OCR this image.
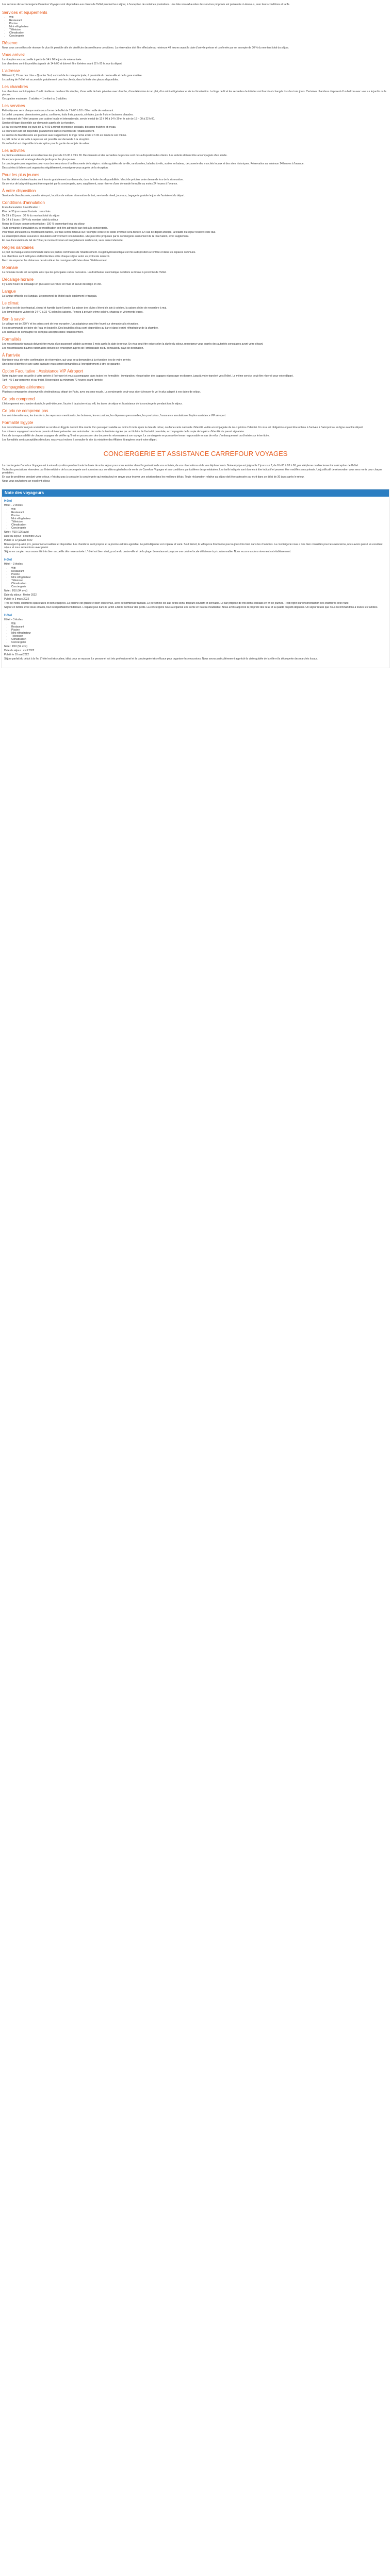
Les services de la conciergerie Carrefour Voyages sont disponibles aux clients de l'hôtel pendant leur séjour, à l'exception de certaines prestations. Une liste non exhaustive des services proposés est présentée ci-dessous, avec leurs conditions et tarifs.

Services et équipements
• Wifi
• Restaurant
• Piscine
• Mini réfrigérateur
• Télévision
• Climatisation
• Conciergerie
Réserve

Nous vous conseillons de réserver le plus tôt possible afin de bénéficier des meilleures conditions. La réservation doit être effectuée au minimum 48 heures avant la date d'arrivée prévue et confirmée par un acompte de 30 % du montant total du séjour.

Vous arrivez

La réception vous accueille à partir de 14 h 00 le jour de votre arrivée.

Les chambres sont disponibles à partir de 14 h 00 et doivent être libérées avant 12 h 00 le jour du départ.

L'adresse

Bâtiment 2, 15 rue des Lilas – Quartier Sud, au bord de la route principale, à proximité du centre-ville et de la gare routière.

Le parking de l'hôtel est accessible gratuitement pour les clients, dans la limite des places disponibles.

Les chambres

Les chambres sont équipées d'un lit double ou de deux lits simples, d'une salle de bain privative avec douche, d'une télévision écran plat, d'un mini réfrigérateur et de la climatisation. Le linge de lit et les serviettes de toilette sont fournis et changés tous les trois jours. Certaines chambres disposent d'un balcon avec vue sur le jardin ou la piscine.

Occupation maximale : 2 adultes + 1 enfant ou 3 adultes.

Les services

Petit-déjeuner servi chaque matin sous forme de buffet de 7 h 00 à 10 h 00 en salle de restaurant.

Le buffet comprend viennoiseries, pains, confitures, fruits frais, yaourts, céréales, jus de fruits et boissons chaudes.

Le restaurant de l'hôtel propose une cuisine locale et internationale, servie le midi de 12 h 00 à 14 h 30 et le soir de 19 h 00 à 22 h 00.

Service d'étage disponible sur demande auprès de la réception.

Le bar est ouvert tous les jours de 17 h 00 à minuit et propose cocktails, boissons fraîches et encas.

La connexion wifi est disponible gratuitement dans l'ensemble de l'établissement.

Le service de blanchisserie est proposé avec supplément, le linge remis avant 9 h 00 est rendu le soir même.

Le prêt de fer et de table à repasser est possible sur demande à la réception.

Un coffre-fort est disponible à la réception pour la garde des objets de valeur.

Les activités

La piscine extérieure est accessible tous les jours de 9 h 00 à 19 h 00. Des transats et des serviettes de piscine sont mis à disposition des clients. Les enfants doivent être accompagnés d'un adulte.

Un espace jeux est aménagé dans le jardin pour les plus jeunes.

La conciergerie peut organiser pour vous des excursions à la découverte de la région : visites guidées de la ville, randonnées, balades à vélo, sorties en bateau, découverte des marchés locaux et des sites historiques. Réservation au minimum 24 heures à l'avance.

Des soirées à thème sont organisées régulièrement, renseignez-vous auprès de la réception.

Pour les plus jeunes

Les lits bébé et chaises hautes sont fournis gratuitement sur demande, dans la limite des disponibilités. Merci de préciser votre demande lors de la réservation.

Un service de baby-sitting peut être organisé par la conciergerie, avec supplément, sous réserve d'une demande formulée au moins 24 heures à l'avance.

À votre disposition

Service de blanchisserie, navette aéroport, location de voiture, réservation de taxi, service de réveil, journaux, bagagerie gratuite le jour de l'arrivée et du départ.

Conditions d'annulation

Frais d'annulation / modification :

Plus de 30 jours avant l'arrivée : sans frais

De 29 à 15 jours : 30 % du montant total du séjour

De 14 à 8 jours : 50 % du montant total du séjour

Moins de 8 jours ou non-présentation : 100 % du montant total du séjour

Toute demande d'annulation ou de modification doit être adressée par écrit à la conciergerie.

Pour toute annulation ou modification tardive, les frais seront retenus sur l'acompte versé et le solde éventuel sera facturé. En cas de départ anticipé, la totalité du séjour réservé reste due.

La souscription d'une assurance annulation est vivement recommandée. Elle peut être proposée par la conciergerie au moment de la réservation, avec supplément.

En cas d'annulation du fait de l'hôtel, le montant versé est intégralement remboursé, sans autre indemnité.

Règles sanitaires

Le port du masque est recommandé dans les parties communes de l'établissement. Du gel hydroalcoolique est mis à disposition à l'entrée et dans les espaces communs.

Les chambres sont nettoyées et désinfectées entre chaque séjour selon un protocole renforcé.

Merci de respecter les distances de sécurité et les consignes affichées dans l'établissement.

Monnaie

La monnaie locale est acceptée ainsi que les principales cartes bancaires. Un distributeur automatique de billets se trouve à proximité de l'hôtel.

Décalage horaire

Il y a une heure de décalage en plus avec la France en hiver et aucun décalage en été.

Langue

La langue officielle est l'anglais. Le personnel de l'hôtel parle également le français.

Le climat

Le climat est de type tropical, chaud et humide toute l'année. La saison des pluies s'étend de juin à octobre, la saison sèche de novembre à mai.

Les températures varient de 24 °C à 32 °C selon les saisons. Pensez à prévoir crème solaire, chapeau et vêtements légers.

Bon à savoir

Le voltage est de 220 V et les prises sont de type européen. Un adaptateur peut être fourni sur demande à la réception.

Il est recommandé de boire de l'eau en bouteille. Des bouteilles d'eau sont disponibles au bar et dans le mini réfrigérateur de la chambre.

Les animaux de compagnie ne sont pas acceptés dans l'établissement.

Formalités

Les ressortissants français doivent être munis d'un passeport valable au moins 6 mois après la date de retour. Un visa peut être exigé selon la durée du séjour, renseignez-vous auprès des autorités consulaires avant votre départ.

Les ressortissants d'autres nationalités doivent se renseigner auprès de l'ambassade ou du consulat du pays de destination.

À l'arrivée

Munissez-vous de votre confirmation de réservation, qui vous sera demandée à la réception lors de votre arrivée.

Une pièce d'identité et une carte bancaire vous seront demandées à l'enregistrement à titre de garantie.

Option Facultative : Assistance VIP Aéroport

Notre équipe vous accueille à votre arrivée à l'aéroport et vous accompagne dans toutes les formalités : immigration, récupération des bagages et passage en douane, jusqu'à votre transfert vers l'hôtel. Le même service peut être réservé pour votre départ.

Tarif : 45 € par personne et par trajet. Réservation au minimum 72 heures avant l'arrivée.

Compagnies aériennes

Plusieurs compagnies desservent la destination au départ de Paris, avec ou sans escale. La conciergerie peut vous aider à trouver le vol le plus adapté à vos dates de séjour.

Ce prix comprend

L'hébergement en chambre double, le petit-déjeuner, l'accès à la piscine et au wifi, les taxes de séjour et l'assistance de la conciergerie pendant tout le séjour.

Ce prix ne comprend pas

Les vols internationaux, les transferts, les repas non mentionnés, les boissons, les excursions, les dépenses personnelles, les pourboires, l'assurance annulation et l'option assistance VIP aéroport.

Formalité Egypte

Les ressortissants français souhaitant se rendre en Égypte doivent être munis d'un passeport valable au moins 6 mois après la date de retour, ou d'une carte nationale d'identité valide accompagnée de deux photos d'identité. Un visa est obligatoire et peut être obtenu à l'arrivée à l'aéroport ou en ligne avant le départ.

Les mineurs voyageant sans leurs parents doivent présenter une autorisation de sortie du territoire signée par un titulaire de l'autorité parentale, accompagnée de la copie de la pièce d'identité du parent signataire.

Il est de la responsabilité de chaque voyageur de vérifier qu'il est en possession des documents nécessaires à son voyage. La conciergerie ne pourra être tenue responsable en cas de refus d'embarquement ou d'entrée sur le territoire.

Les formalités sont susceptibles d'évoluer, nous vous invitons à consulter le site du ministère des Affaires étrangères avant votre départ.

CONCIERGERIE ET ASSISTANCE CARREFOUR VOYAGES

La conciergerie Carrefour Voyages est à votre disposition pendant toute la durée de votre séjour pour vous assister dans l'organisation de vos activités, de vos réservations et de vos déplacements. Notre équipe est joignable 7 jours sur 7, de 8 h 00 à 20 h 00, par téléphone ou directement à la réception de l'hôtel.

Toutes les prestations réservées par l'intermédiaire de la conciergerie sont soumises aux conditions générales de vente de Carrefour Voyages et aux conditions particulières des prestataires. Les tarifs indiqués sont donnés à titre indicatif et peuvent être modifiés sans préavis. Un justificatif de réservation vous sera remis pour chaque prestation.

En cas de problème pendant votre séjour, n'hésitez pas à contacter la conciergerie qui mettra tout en œuvre pour trouver une solution dans les meilleurs délais. Toute réclamation relative au séjour doit être adressée par écrit dans un délai de 30 jours après le retour.

Nous vous souhaitons un excellent séjour.

Note des voyageurs
Hôtel

Hôtel – 2 étoiles

• Wifi
• Restaurant
• Piscine
• Mini réfrigérateur
• Télévision
• Climatisation
• Conciergerie

Note : 7/10 (126 avis)

Date du séjour : décembre 2021

Publié le 12 janvier 2022

Bon rapport qualité prix, personnel accueillant et disponible. Les chambres sont propres et la piscine est très agréable. Le petit-déjeuner est copieux et varié. Seul bémol, le wifi qui ne fonctionne pas toujours très bien dans les chambres. La conciergerie nous a très bien conseillés pour les excursions, nous avons passé un excellent séjour et nous reviendrons avec plaisir.

Séjour en couple, nous avons été très bien accueillis dès notre arrivée. L'hôtel est bien situé, proche du centre-ville et de la plage. Le restaurant propose une cuisine locale délicieuse à prix raisonnable. Nous recommandons vivement cet établissement.

Hôtel

Hôtel – 3 étoiles

• Wifi
• Restaurant
• Piscine
• Mini réfrigérateur
• Télévision
• Climatisation
• Conciergerie

Note : 8/10 (94 avis)

Date du séjour : février 2022

Publié le 3 mars 2022

Très bel hôtel, chambres spacieuses et bien équipées. La piscine est grande et bien entretenue, avec de nombreux transats. Le personnel est aux petits soins, toujours souriant et serviable. Le bar propose de très bons cocktails en fin de journée. Petit regret sur l'insonorisation des chambres côté route.

Séjour en famille avec deux enfants, tout s'est parfaitement déroulé. L'espace jeux dans le jardin a fait le bonheur des petits. La conciergerie nous a organisé une sortie en bateau inoubliable. Nous avons apprécié la propreté des lieux et la qualité du petit-déjeuner. Un séjour réussi que nous recommandons à toutes les familles.

Hôtel

Hôtel – 3 étoiles

• Wifi
• Restaurant
• Piscine
• Mini réfrigérateur
• Télévision
• Climatisation
• Conciergerie

Note : 9/10 (52 avis)

Date du séjour : avril 2022

Publié le 10 mai 2022

Séjour parfait du début à la fin. L'hôtel est très calme, idéal pour se reposer. Le personnel est très professionnel et la conciergerie très efficace pour organiser les excursions. Nous avons particulièrement apprécié la visite guidée de la ville et la découverte des marchés locaux.
